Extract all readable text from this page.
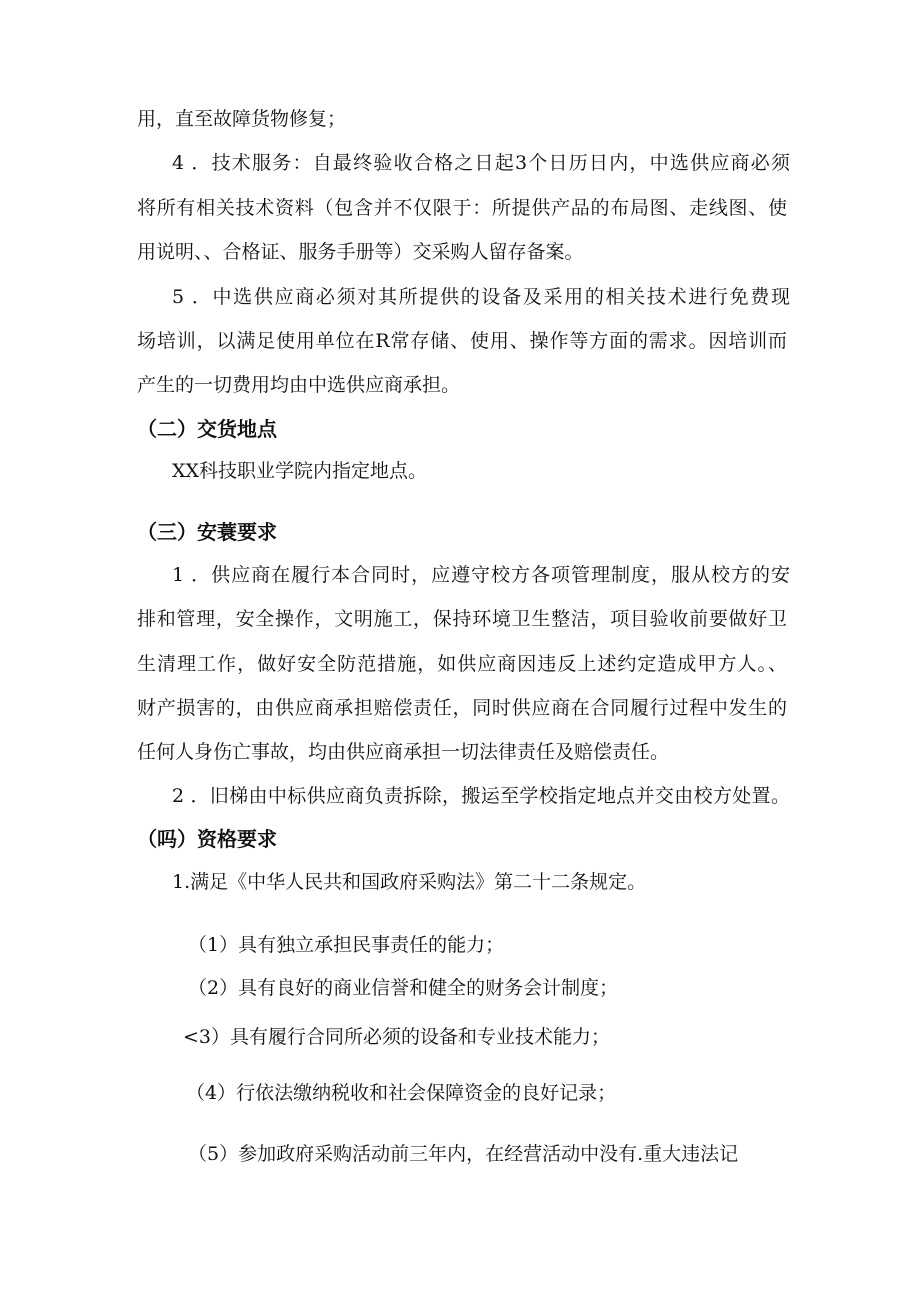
用，直至故障货物修复；
4 ．技术服务：自最终验收合格之日起3个日历日内，中选供应商必须
将所有相关技术资料（包含并不仅限于：所提供产品的布局图、走线图、使
用说明、、合格证、服务手册等）交采购人留存备案。
5 ．中选供应商必须对其所提供的设备及采用的相关技术进行免费现
场培训，以满足使用单位在R常存储、使用、操作等方面的需求。因培训而
产生的一切费用均由中选供应商承担。
（二）交货地点
XX科技职业学院内指定地点。
（三）安蓑要求
1 ．供应商在履行本合同时，应遵守校方各项管理制度，服从校方的安
排和管理，安全操作，文明施工，保持环境卫生整洁，项目验收前要做好卫
生清理工作，做好安全防范措施，如供应商因违反上述约定造成甲方人。、
财产损害的，由供应商承担赔偿责任，同时供应商在合同履行过程中发生的
任何人身伤亡事故，均由供应商承担一切法律责任及赔偿责任。
2 ．旧梯由中标供应商负责拆除，搬运至学校指定地点并交由校方处置。
（吗）资格要求
1.满足《中华人民共和国政府采购法》第二十二条规定。
（1）具有独立承担民事责任的能力；
（2）具有良好的商业信誉和健全的财务会计制度；
<3）具有履行合同所必须的设备和专业技术能力；
（4）行依法缴纳税收和社会保障资金的良好记录；
（5）参加政府采购活动前三年内，在经营活动中没有.重大违法记
